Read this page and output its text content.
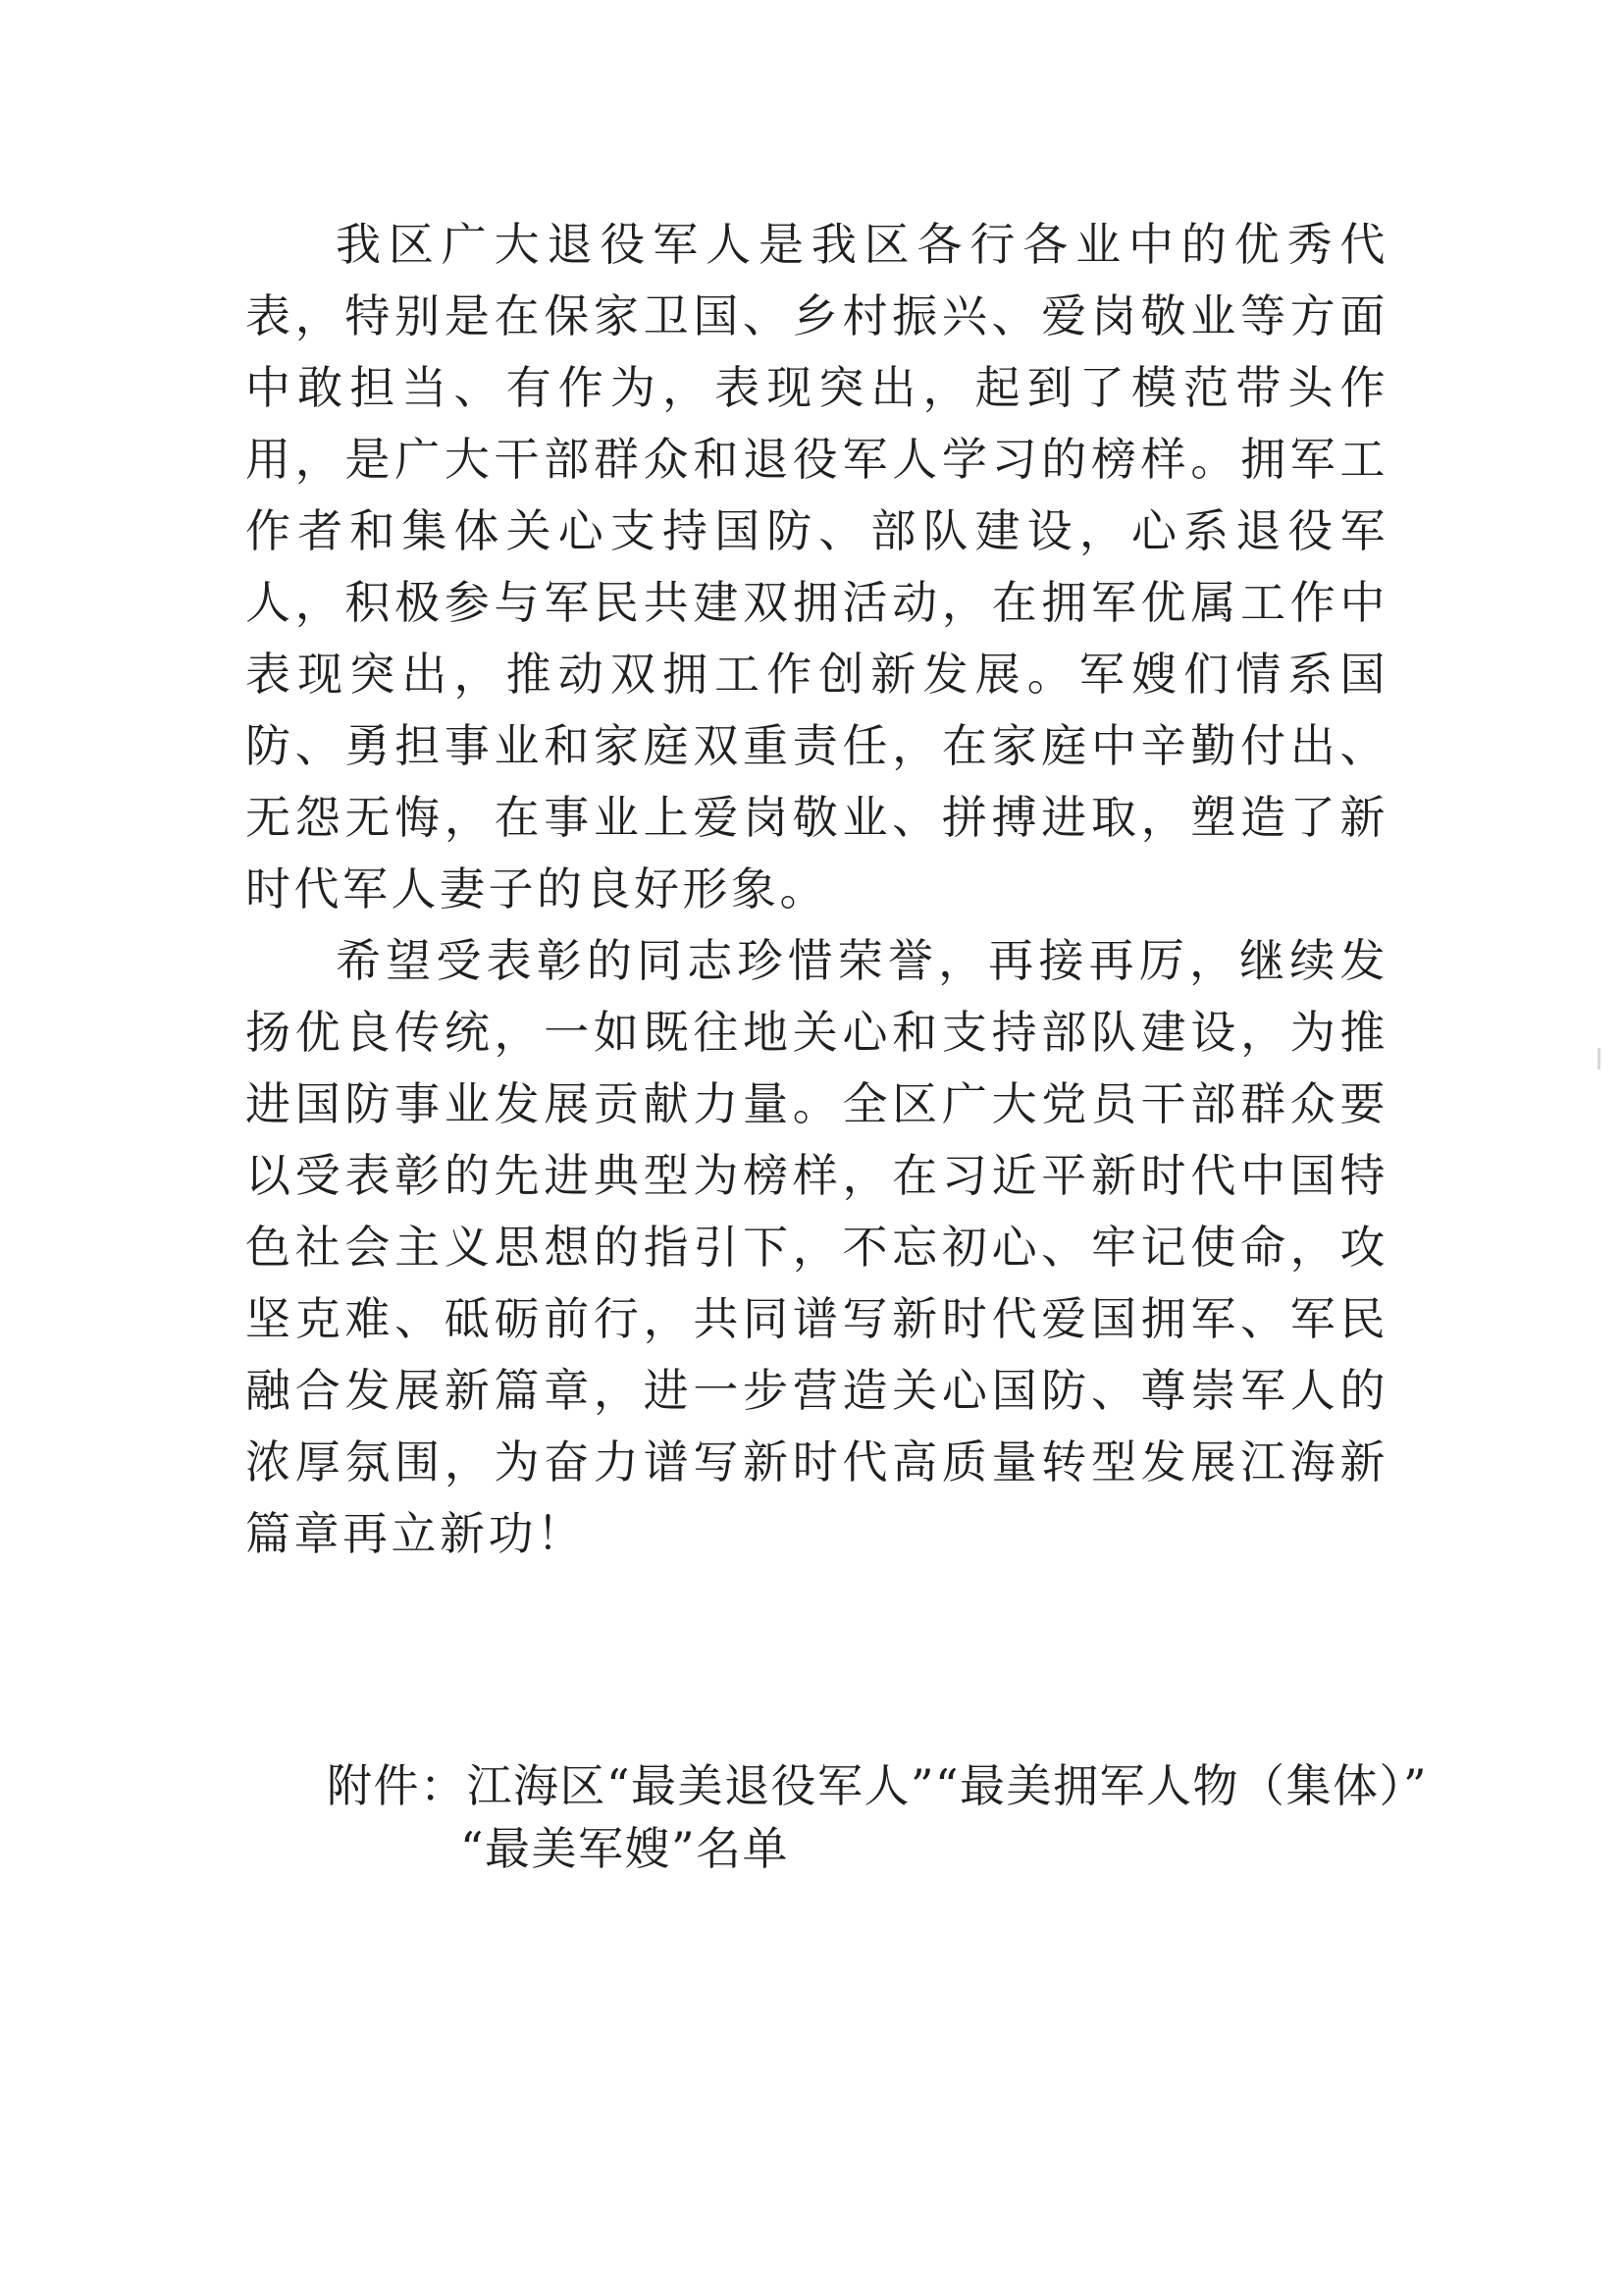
我区广大退役军人是我区各行各业中的优秀代表，特别是在保家卫国、乡村振兴、爱岗敬业等方面中敢担当、有作为，表现突出，起到了模范带头作用，是广大干部群众和退役军人学习的榜样。拥军工作者和集体关心支持国防、部队建设，心系退役军人，积极参与军民共建双拥活动，在拥军优属工作中表现突出，推动双拥工作创新发展。军嫂们情系国防、勇担事业和家庭双重责任，在家庭中辛勤付出、无怨无悔，在事业上爱岗敬业、拼搏进取，塑造了新时代军人妻子的良好形象。

希望受表彰的同志珍惜荣誉，再接再厉，继续发扬优良传统，一如既往地关心和支持部队建设，为推进国防事业发展贡献力量。全区广大党员干部群众要以受表彰的先进典型为榜样，在习近平新时代中国特色社会主义思想的指引下，不忘初心、牢记使命，攻坚克难、砥砺前行，共同谱写新时代爱国拥军、军民融合发展新篇章，进一步营造关心国防、尊崇军人的浓厚氛围，为奋力谱写新时代高质量转型发展江海新篇章再立新功！

附件：江海区“最美退役军人”“最美拥军人物（集体）”
“最美军嫂”名单
